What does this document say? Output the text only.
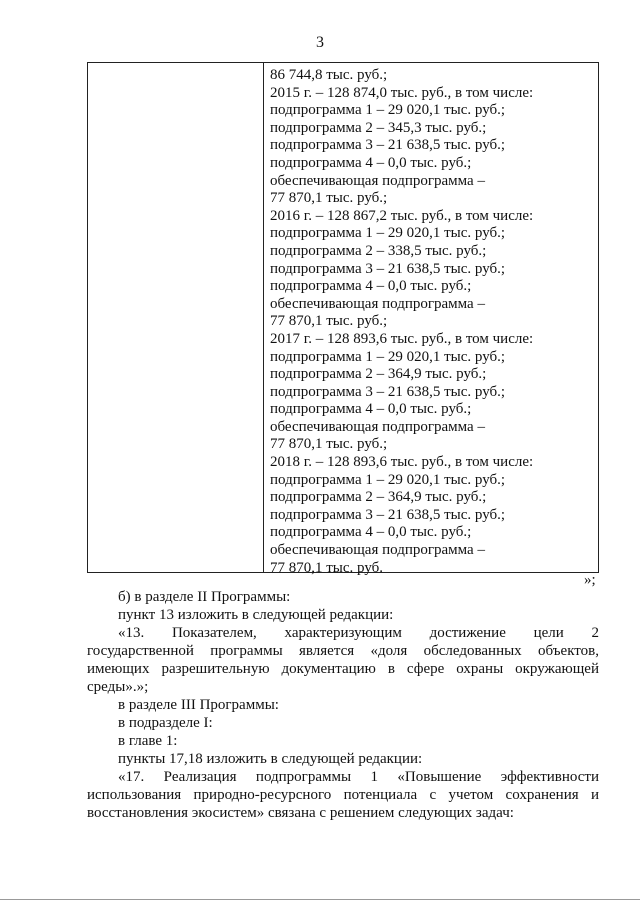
3
86 744,8 тыс. руб.;
2015 г. – 128 874,0 тыс. руб., в том числе:
подпрограмма 1 – 29 020,1 тыс. руб.;
подпрограмма 2 – 345,3 тыс. руб.;
подпрограмма 3 – 21 638,5 тыс. руб.;
подпрограмма 4 – 0,0 тыс. руб.;
обеспечивающая подпрограмма –
77 870,1 тыс. руб.;
2016 г. – 128 867,2 тыс. руб., в том числе:
подпрограмма 1 – 29 020,1 тыс. руб.;
подпрограмма 2 – 338,5 тыс. руб.;
подпрограмма 3 – 21 638,5 тыс. руб.;
подпрограмма 4 – 0,0 тыс. руб.;
обеспечивающая подпрограмма –
77 870,1 тыс. руб.;
2017 г. – 128 893,6 тыс. руб., в том числе:
подпрограмма 1 – 29 020,1 тыс. руб.;
подпрограмма 2 – 364,9 тыс. руб.;
подпрограмма 3 – 21 638,5 тыс. руб.;
подпрограмма 4 – 0,0 тыс. руб.;
обеспечивающая подпрограмма –
77 870,1 тыс. руб.;
2018 г. – 128 893,6 тыс. руб., в том числе:
подпрограмма 1 – 29 020,1 тыс. руб.;
подпрограмма 2 – 364,9 тыс. руб.;
подпрограмма 3 – 21 638,5 тыс. руб.;
подпрограмма 4 – 0,0 тыс. руб.;
обеспечивающая подпрограмма –
77 870,1 тыс. руб.
»;
б) в разделе II Программы:
пункт 13 изложить в следующей редакции:
«13. Показателем, характеризующим достижение цели 2
государственной программы является «доля обследованных объектов,
имеющих разрешительную документацию в сфере охраны окружающей
среды».»;
в разделе III Программы:
в подразделе I:
в главе 1:
пункты 17,18 изложить в следующей редакции:
«17. Реализация подпрограммы 1 «Повышение эффективности
использования природно-ресурсного потенциала с учетом сохранения и
восстановления экосистем» связана с решением следующих задач:
